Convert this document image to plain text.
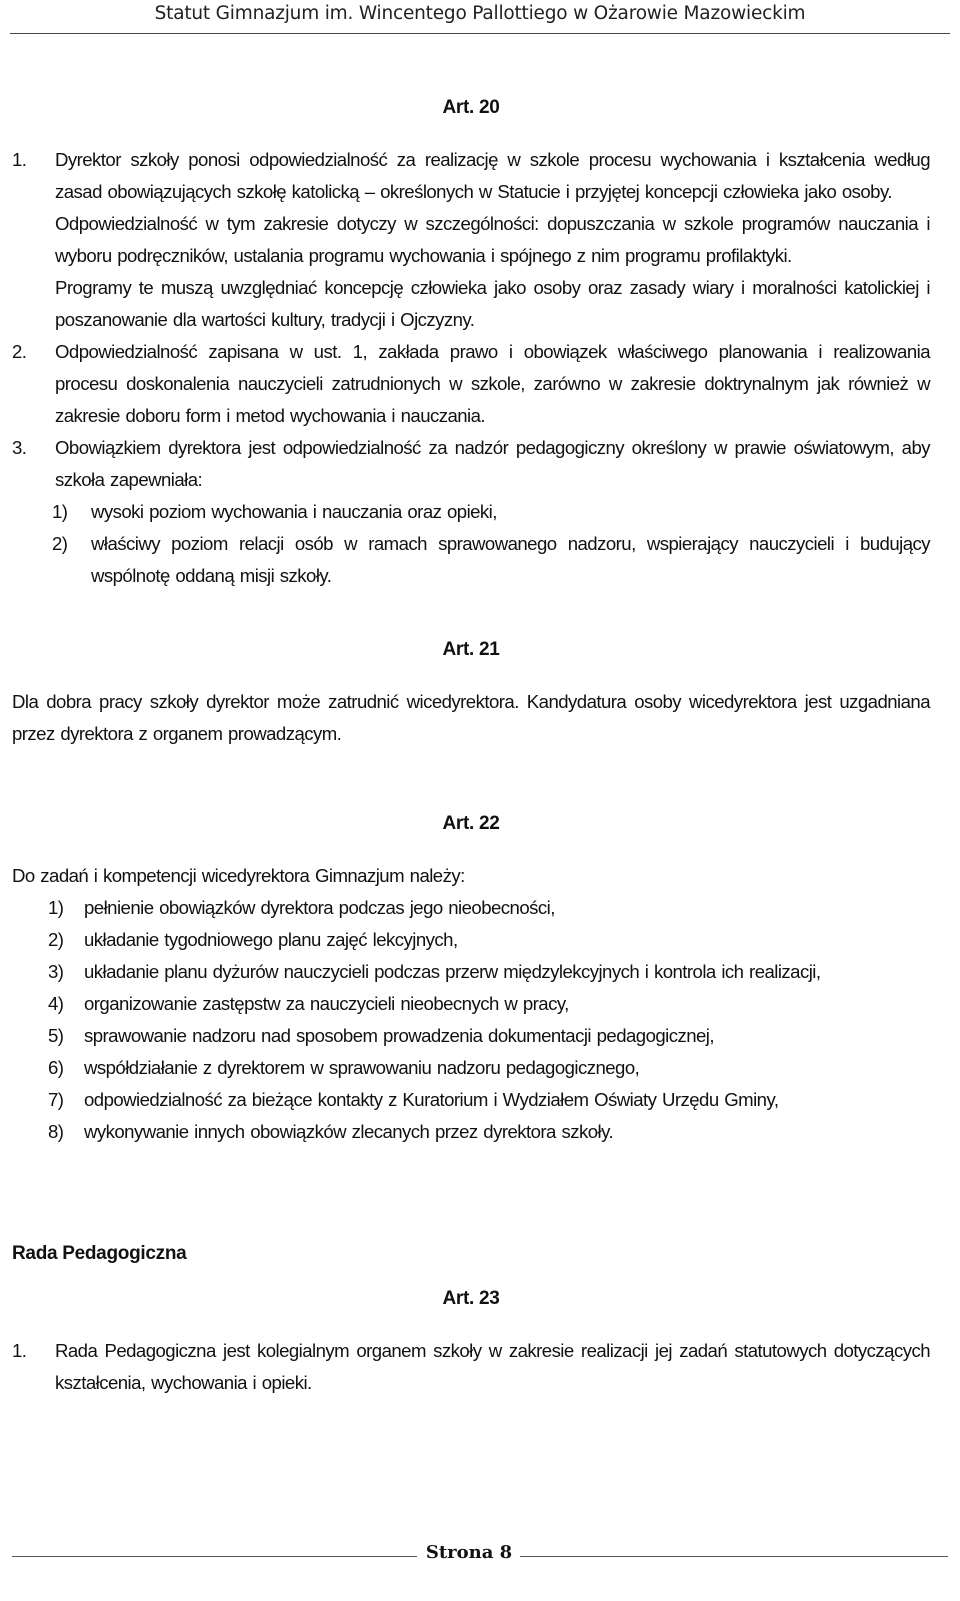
Statut Gimnazjum im. Wincentego Pallottiego w Ożarowie Mazowieckim
Art. 20
1.	Dyrektor szkoły ponosi odpowiedzialność za realizację w szkole procesu wychowania i kształcenia według zasad obowiązujących szkołę katolicką – określonych w Statucie i przyjętej koncepcji człowieka jako osoby.

Odpowiedzialność w tym zakresie dotyczy w szczególności: dopuszczania w szkole programów nauczania i wyboru podręczników, ustalania programu wychowania i spójnego z nim programu profilaktyki.

Programy te muszą uwzględniać koncepcję człowieka jako osoby oraz zasady wiary i moralności katolickiej i poszanowanie dla wartości kultury, tradycji i Ojczyzny.

2.	Odpowiedzialność zapisana w ust. 1, zakłada prawo i obowiązek właściwego planowania i realizowania procesu doskonalenia nauczycieli zatrudnionych w szkole, zarówno w zakresie doktrynalnym jak również w zakresie doboru form i metod wychowania i nauczania.
3.	Obowiązkiem dyrektora jest odpowiedzialność za nadzór pedagogiczny określony w prawie oświatowym, aby szkoła zapewniała:
1)	wysoki poziom wychowania i nauczania oraz opieki,
2)	właściwy poziom relacji osób w ramach sprawowanego nadzoru, wspierający nauczycieli i budujący wspólnotę oddaną misji szkoły.
Art. 21

Dla dobra pracy szkoły dyrektor może zatrudnić wicedyrektora. Kandydatura osoby wicedyrektora jest uzgadniana przez dyrektora z organem prowadzącym.

Art. 22

Do zadań i kompetencji wicedyrektora Gimnazjum należy:

1)	pełnienie obowiązków dyrektora podczas jego nieobecności,
2)	układanie tygodniowego planu zajęć lekcyjnych,
3)	układanie planu dyżurów nauczycieli podczas przerw międzylekcyjnych i kontrola ich realizacji,
4)	organizowanie zastępstw za nauczycieli nieobecnych w pracy,
5)	sprawowanie nadzoru nad sposobem prowadzenia dokumentacji pedagogicznej,
6)	współdziałanie z dyrektorem w sprawowaniu nadzoru pedagogicznego,
7)	odpowiedzialność za bieżące kontakty z Kuratorium i Wydziałem Oświaty Urzędu Gminy,
8)	wykonywanie innych obowiązków zlecanych przez dyrektora szkoły.
Rada Pedagogiczna
Art. 23
1.	Rada Pedagogiczna jest kolegialnym organem szkoły w zakresie realizacji jej zadań statutowych dotyczących kształcenia, wychowania i opieki.
Strona 8
